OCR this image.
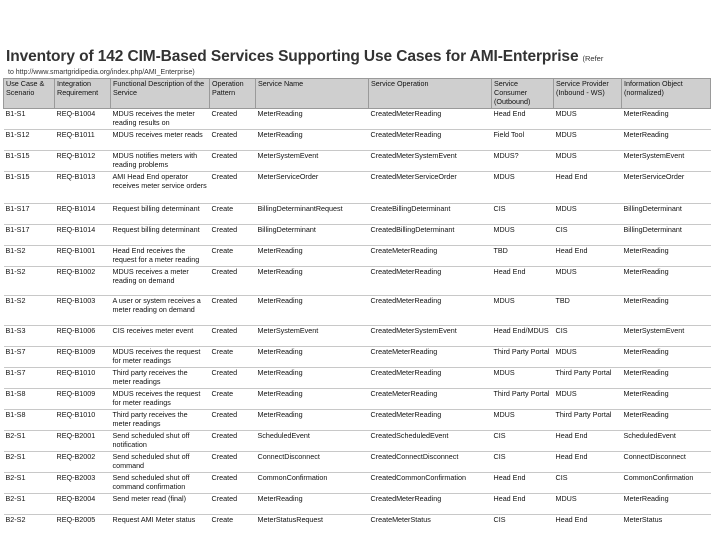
Inventory of 142 CIM-Based Services Supporting Use Cases for AMI-Enterprise (Refer
to http://www.smartgridipedia.org/index.php/AMI_Enterprise)
Use Case & Scenario	Integration Requirement	Functional Description of the Service	Operation Pattern	Service Name	Service Operation	Service Consumer (Outbound)	Service Provider (Inbound - WS)	Information Object (normalized)
B1-S1	REQ-B1004	MDUS receives the meter reading results on	Created	MeterReading	CreatedMeterReading	Head End	MDUS	MeterReading
B1-S12	REQ-B1011	MDUS receives meter reads	Created	MeterReading	CreatedMeterReading	Field Tool	MDUS	MeterReading
B1-S15	REQ-B1012	MDUS notifies meters with reading problems	Created	MeterSystemEvent	CreatedMeterSystemEvent	MDUS?	MDUS	MeterSystemEvent
B1-S15	REQ-B1013	AMI Head End operator receives meter service orders	Created	MeterServiceOrder	CreatedMeterServiceOrder	MDUS	Head End	MeterServiceOrder
B1-S17	REQ-B1014	Request billing determinant	Create	BillingDeterminantRequest	CreateBillingDeterminant	CIS	MDUS	BillingDeterminant
B1-S17	REQ-B1014	Request billing determinant	Created	BillingDeterminant	CreatedBillingDeterminant	MDUS	CIS	BillingDeterminant
B1-S2	REQ-B1001	Head End receives the request for a meter reading	Create	MeterReading	CreateMeterReading	TBD	Head End	MeterReading
B1-S2	REQ-B1002	MDUS receives a meter reading on demand	Created	MeterReading	CreatedMeterReading	Head End	MDUS	MeterReading
B1-S2	REQ-B1003	A user or system receives a meter reading on demand	Created	MeterReading	CreatedMeterReading	MDUS	TBD	MeterReading
B1-S3	REQ-B1006	CIS receives meter event	Created	MeterSystemEvent	CreatedMeterSystemEvent	Head End/MDUS	CIS	MeterSystemEvent
B1-S7	REQ-B1009	MDUS receives the request for meter readings	Create	MeterReading	CreateMeterReading	Third Party Portal	MDUS	MeterReading
B1-S7	REQ-B1010	Third party receives the meter readings	Created	MeterReading	CreatedMeterReading	MDUS	Third Party Portal	MeterReading
B1-S8	REQ-B1009	MDUS receives the request for meter readings	Create	MeterReading	CreateMeterReading	Third Party Portal	MDUS	MeterReading
B1-S8	REQ-B1010	Third party receives the meter readings	Created	MeterReading	CreatedMeterReading	MDUS	Third Party Portal	MeterReading
B2-S1	REQ-B2001	Send scheduled shut off notification	Created	ScheduledEvent	CreatedScheduledEvent	CIS	Head End	ScheduledEvent
B2-S1	REQ-B2002	Send scheduled shut off command	Created	ConnectDisconnect	CreatedConnectDisconnect	CIS	Head End	ConnectDisconnect
B2-S1	REQ-B2003	Send scheduled shut off command confirmation	Created	CommonConfirmation	CreatedCommonConfirmation	Head End	CIS	CommonConfirmation
B2-S1	REQ-B2004	Send meter read (final)	Created	MeterReading	CreatedMeterReading	Head End	MDUS	MeterReading
B2-S2	REQ-B2005	Request AMI Meter status	Create	MeterStatusRequest	CreateMeterStatus	CIS	Head End	MeterStatus
